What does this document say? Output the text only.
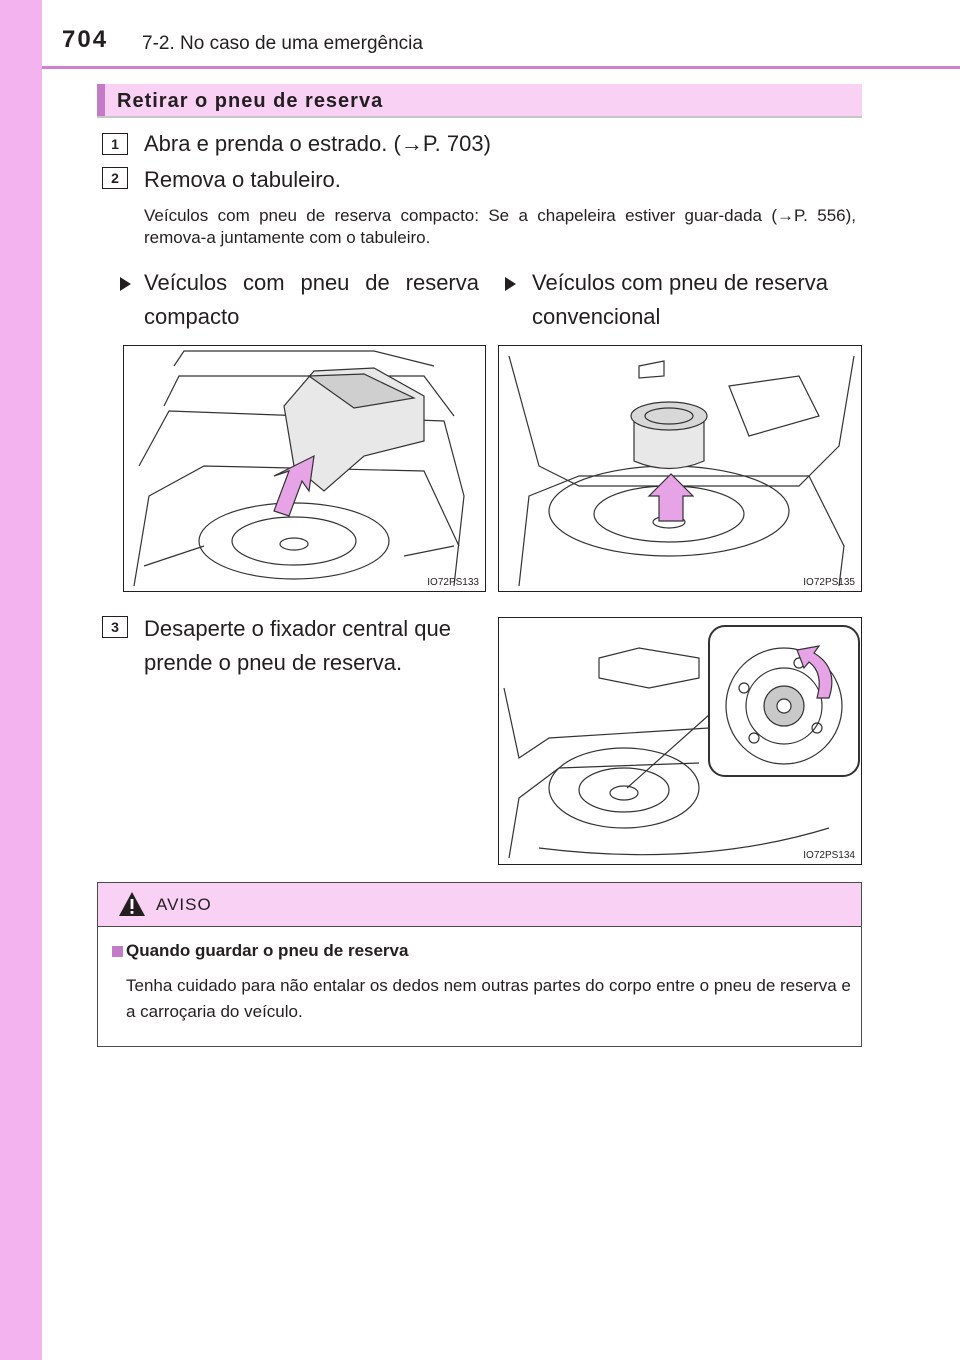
704 7-2. No caso de uma emergência
Retirar o pneu de reserva
1	Abra e prenda o estrado. (→P. 703)
2	Remova o tabuleiro.
Veículos com pneu de reserva compacto: Se a chapeleira estiver guar-dada (→P. 556), remova-a juntamente com o tabuleiro.
Veículos com pneu de reserva
compacto
Veículos com pneu de reserva
convencional
IO72PS133	IO72PS135
3	Desaperte o fixador central que
prende o pneu de reserva.
IO72PS134
AVISO
Quando guardar o pneu de reserva
Tenha cuidado para não entalar os dedos nem outras partes do corpo entre o pneu de reserva e a carroçaria do veículo.
